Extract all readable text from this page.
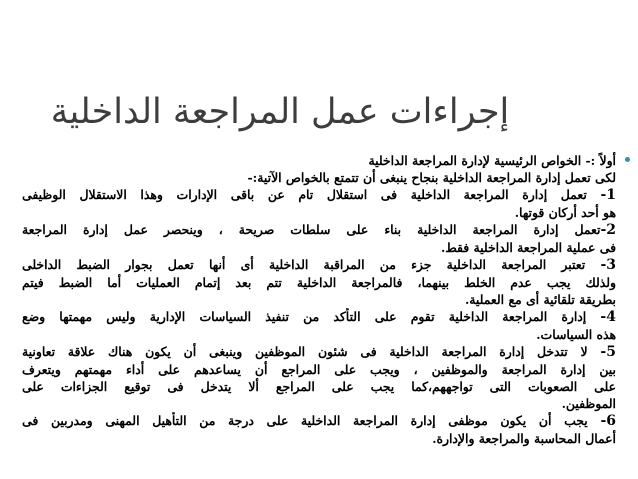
إجراءات عمل المراجعة الداخلية
أولاً :- الخواص الرئيسية لإدارة المراجعة الداخلية
لكى تعمل إدارة المراجعة الداخلية بنجاح ينبغى أن تتمتع بالخواص الآتية:-
1- تعمل إدارة المراجعة الداخلية فى استقلال تام عن باقى الإدارات وهذا الاستقلال الوظيفى
هو أحد أركان قوتها.
2-تعمل إدارة المراجعة الداخلية بناء على سلطات صريحة ، وينحصر عمل إدارة المراجعة
فى عملية المراجعة الداخلية فقط.
3- تعتبر المراجعة الداخلية جزء من المراقبة الداخلية أى أنها تعمل بجوار الضبط الداخلى
ولذلك يجب عدم الخلط بينهما، فالمراجعة الداخلية تتم بعد إتمام العمليات أما الضبط فيتم
بطريقة تلقائية أى مع العملية.
4- إدارة المراجعة الداخلية تقوم على التأكد من تنفيذ السياسات الإدارية وليس مهمتها وضع
هذه السياسات.
5- لا تتدخل إدارة المراجعة الداخلية فى شئون الموظفين وينبغى أن يكون هناك علاقة تعاونية
بين إدارة المراجعة والموظفين ، ويجب على المراجع أن يساعدهم على أداء مهمتهم ويتعرف
على الصعوبات التى تواجههم،كما يجب على المراجع ألا يتدخل فى توقيع الجزاءات على
الموظفين.
6- يجب أن يكون موظفى إدارة المراجعة الداخلية على درجة من التأهيل المهنى ومدربين فى
أعمال المحاسبة والمراجعة والإدارة.
